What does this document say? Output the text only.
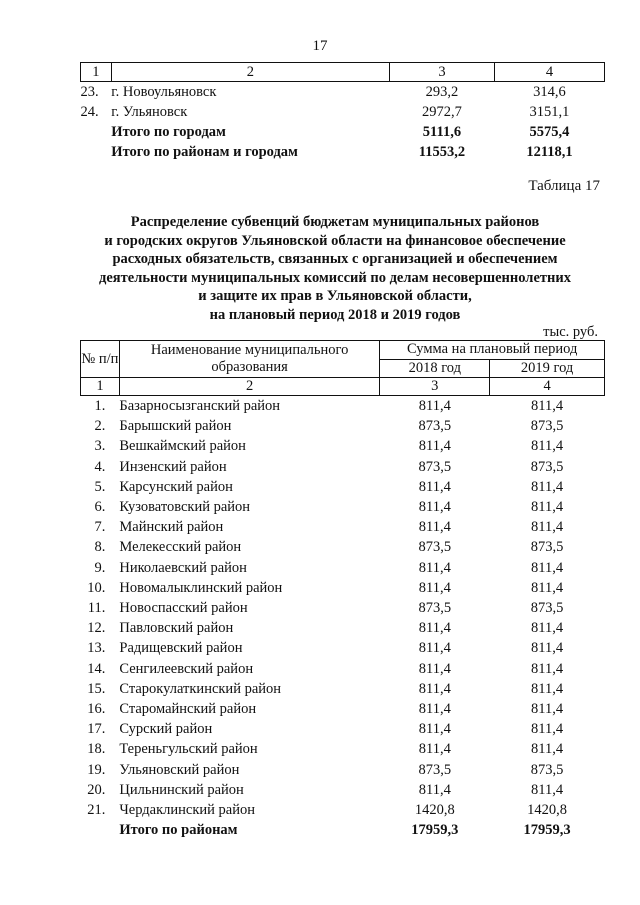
17
1	2	3	4
23.	г. Новоульяновск	293,2	314,6
24.	г. Ульяновск	2972,7	3151,1
	Итого по городам	5111,6	5575,4
	Итого по районам и городам	11553,2	12118,1
Таблица 17
Распределение субвенций бюджетам муниципальных районов
и городских округов Ульяновской области на финансовое обеспечение
расходных обязательств, связанных с организацией и обеспечением
деятельности муниципальных комиссий по делам несовершеннолетних
и защите их прав в Ульяновской области,
на плановый период 2018 и 2019 годов
тыс. руб.
№ п/п	Наименование муниципального образования	Сумма на плановый период	
		2018 год	2019 год
1	2	3	4
1.	Базарносызганский район	811,4	811,4
2.	Барышский район	873,5	873,5
3.	Вешкаймский район	811,4	811,4
4.	Инзенский район	873,5	873,5
5.	Карсунский район	811,4	811,4
6.	Кузоватовский район	811,4	811,4
7.	Майнский район	811,4	811,4
8.	Мелекесский район	873,5	873,5
9.	Николаевский район	811,4	811,4
10.	Новомалыклинский район	811,4	811,4
11.	Новоспасский район	873,5	873,5
12.	Павловский район	811,4	811,4
13.	Радищевский район	811,4	811,4
14.	Сенгилеевский район	811,4	811,4
15.	Старокулаткинский район	811,4	811,4
16.	Старомайнский район	811,4	811,4
17.	Сурский район	811,4	811,4
18.	Тереньгульский район	811,4	811,4
19.	Ульяновский район	873,5	873,5
20.	Цильнинский район	811,4	811,4
21.	Чердаклинский район	1420,8	1420,8
	Итого по районам	17959,3	17959,3
